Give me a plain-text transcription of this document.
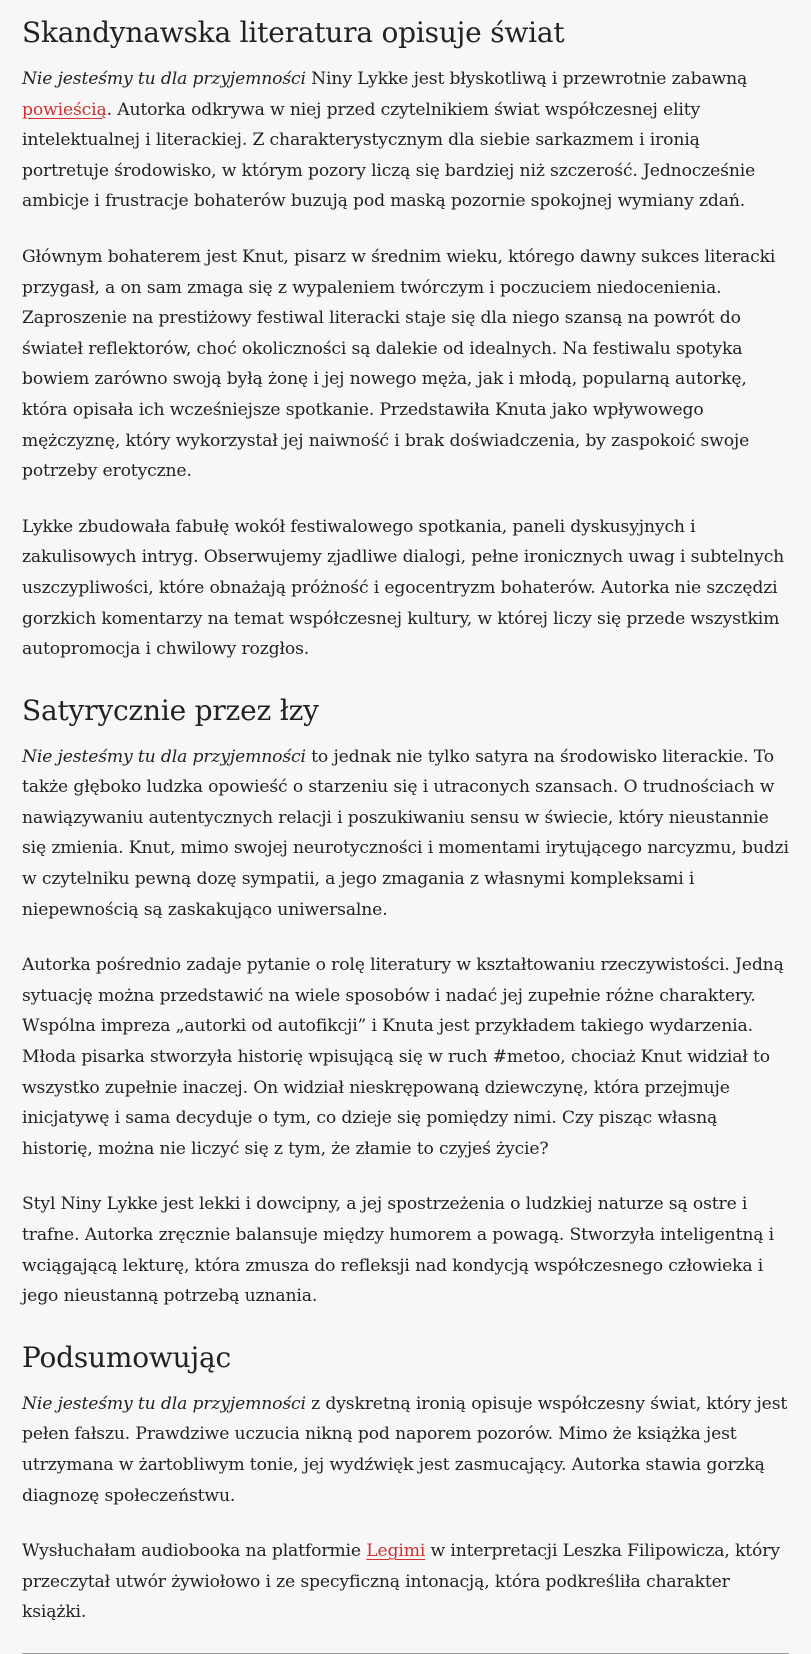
Skandynawska literatura opisuje świat

Nie jesteśmy tu dla przyjemności Niny Lykke jest błyskotliwą i przewrotnie zabawną powieścią. Autorka odkrywa w niej przed czytelnikiem świat współczesnej elity intelektualnej i literackiej. Z charakterystycznym dla siebie sarkazmem i ironią portretuje środowisko, w którym pozory liczą się bardziej niż szczerość. Jednocześnie ambicje i frustracje bohaterów buzują pod maską pozornie spokojnej wymiany zdań.

Głównym bohaterem jest Knut, pisarz w średnim wieku, którego dawny sukces literacki przygasł, a on sam zmaga się z wypaleniem twórczym i poczuciem niedocenienia. Zaproszenie na prestiżowy festiwal literacki staje się dla niego szansą na powrót do świateł reflektorów, choć okoliczności są dalekie od idealnych. Na festiwalu spotyka bowiem zarówno swoją byłą żonę i jej nowego męża, jak i młodą, popularną autorkę, która opisała ich wcześniejsze spotkanie. Przedstawiła Knuta jako wpływowego mężczyznę, który wykorzystał jej naiwność i brak doświadczenia, by zaspokoić swoje potrzeby erotyczne.

Lykke zbudowała fabułę wokół festiwalowego spotkania, paneli dyskusyjnych i zakulisowych intryg. Obserwujemy zjadliwe dialogi, pełne ironicznych uwag i subtelnych uszczypliwości, które obnażają próżność i egocentryzm bohaterów. Autorka nie szczędzi gorzkich komentarzy na temat współczesnej kultury, w której liczy się przede wszystkim autopromocja i chwilowy rozgłos.

Satyrycznie przez łzy

Nie jesteśmy tu dla przyjemności to jednak nie tylko satyra na środowisko literackie. To także głęboko ludzka opowieść o starzeniu się i utraconych szansach. O trudnościach w nawiązywaniu autentycznych relacji i poszukiwaniu sensu w świecie, który nieustannie się zmienia. Knut, mimo swojej neurotyczności i momentami irytującego narcyzmu, budzi w czytelniku pewną dozę sympatii, a jego zmagania z własnymi kompleksami i niepewnością są zaskakująco uniwersalne.

Autorka pośrednio zadaje pytanie o rolę literatury w kształtowaniu rzeczywistości. Jedną sytuację można przedstawić na wiele sposobów i nadać jej zupełnie różne charaktery. Wspólna impreza „autorki od autofikcji” i Knuta jest przykładem takiego wydarzenia. Młoda pisarka stworzyła historię wpisującą się w ruch #metoo, chociaż Knut widział to wszystko zupełnie inaczej. On widział nieskrępowaną dziewczynę, która przejmuje inicjatywę i sama decyduje o tym, co dzieje się pomiędzy nimi. Czy pisząc własną historię, można nie liczyć się z tym, że złamie to czyjeś życie?

Styl Niny Lykke jest lekki i dowcipny, a jej spostrzeżenia o ludzkiej naturze są ostre i trafne. Autorka zręcznie balansuje między humorem a powagą. Stworzyła inteligentną i wciągającą lekturę, która zmusza do refleksji nad kondycją współczesnego człowieka i jego nieustanną potrzebą uznania.

Podsumowując

Nie jesteśmy tu dla przyjemności z dyskretną ironią opisuje współczesny świat, który jest pełen fałszu. Prawdziwe uczucia nikną pod naporem pozorów. Mimo że książka jest utrzymana w żartobliwym tonie, jej wydźwięk jest zasmucający. Autorka stawia gorzką diagnozę społeczeństwu.

Wysłuchałam audiobooka na platformie Legimi w interpretacji Leszka Filipowicza, który przeczytał utwór żywiołowo i ze specyficzną intonacją, która podkreśliła charakter książki.
